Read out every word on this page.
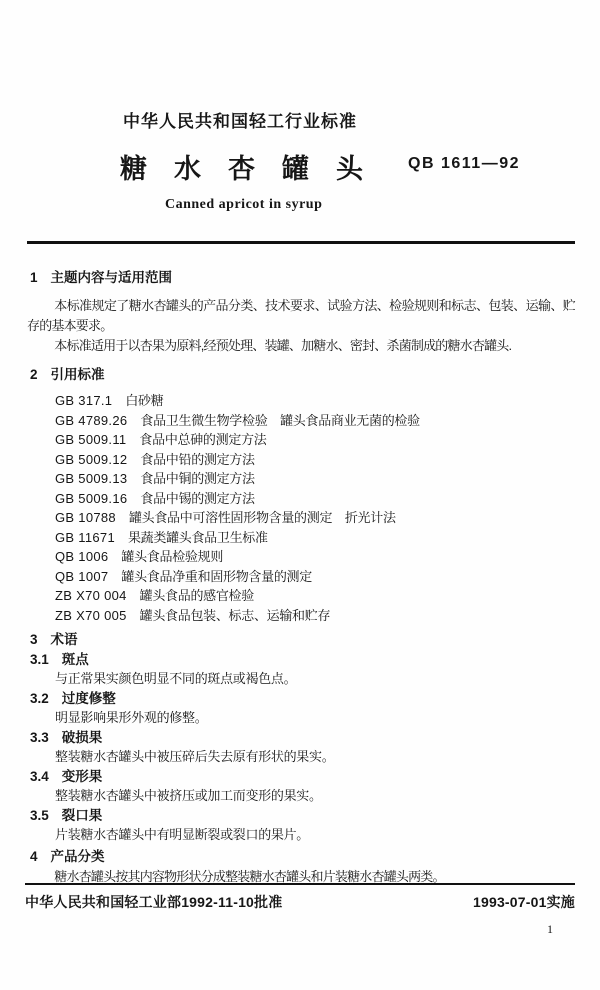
中华人民共和国轻工行业标准
糖水杏罐头	QB 1611—92
Canned apricot in syrup
1 主题内容与适用范围

本标准规定了糖水杏罐头的产品分类、技术要求、试验方法、检验规则和标志、包装、运输、贮存的基本要求。

本标准适用于以杏果为原料,经预处理、装罐、加糖水、密封、杀菌制成的糖水杏罐头.

2 引用标准
GB 317.1 白砂糖
GB 4789.26 食品卫生微生物学检验　罐头食品商业无菌的检验
GB 5009.11 食品中总砷的测定方法
GB 5009.12 食品中铅的测定方法
GB 5009.13 食品中铜的测定方法
GB 5009.16 食品中锡的测定方法
GB 10788 罐头食品中可溶性固形物含量的测定　折光计法
GB 11671 果蔬类罐头食品卫生标准
QB 1006 罐头食品检验规则
QB 1007 罐头食品净重和固形物含量的测定
ZB X70 004 罐头食品的感官检验
ZB X70 005 罐头食品包装、标志、运输和贮存
3 术语
3.1 斑点
与正常果实颜色明显不同的斑点或褐色点。
3.2 过度修整
明显影响果形外观的修整。
3.3 破损果
整装糖水杏罐头中被压碎后失去原有形状的果实。
3.4 变形果
整装糖水杏罐头中被挤压或加工而变形的果实。
3.5 裂口果
片装糖水杏罐头中有明显断裂或裂口的果片。
4 产品分类

糖水杏罐头按其内容物形状分成整装糖水杏罐头和片装糖水杏罐头两类。

中华人民共和国轻工业部1992-11-10批准	1993-07-01实施
1
